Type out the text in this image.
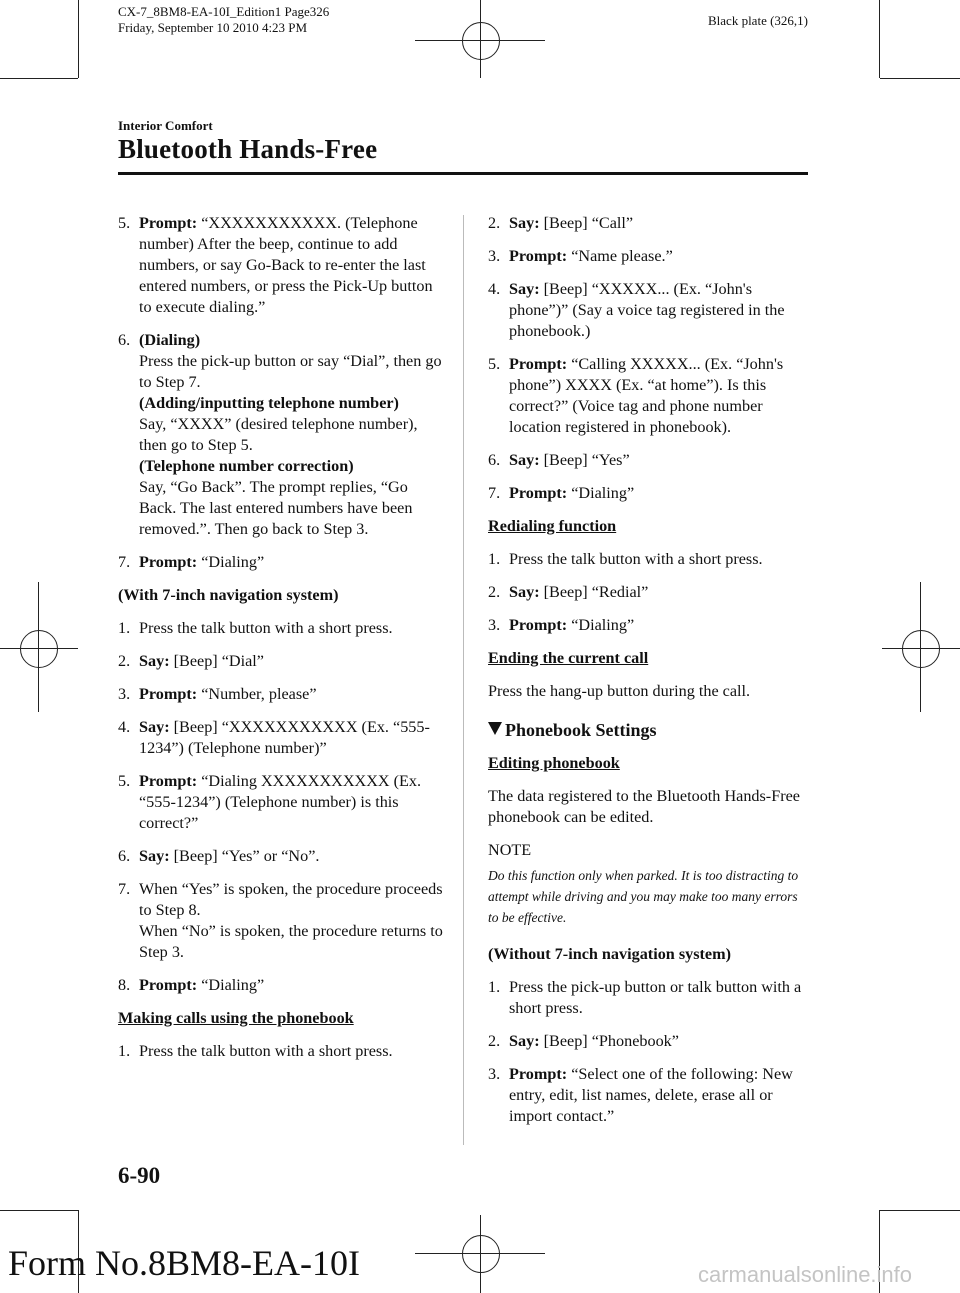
CX-7_8BM8-EA-10I_Edition1 Page326
Friday, September 10 2010 4:23 PM	Black plate (326,1)
Interior Comfort
Bluetooth Hands-Free
5. Prompt: “XXXXXXXXXXX. (Telephone number) After the beep, continue to add numbers, or say Go-Back to re-enter the last entered numbers, or press the Pick-Up button to execute dialing.”
6. (Dialing)
Press the pick-up button or say “Dial”, then go to Step 7.
(Adding/inputting telephone number)
Say, “XXXX” (desired telephone number), then go to Step 5.
(Telephone number correction)
Say, “Go Back”. The prompt replies, “Go Back. The last entered numbers have been removed.”. Then go back to Step 3.
7. Prompt: “Dialing”

(With 7-inch navigation system)

1. Press the talk button with a short press.
2. Say: [Beep] “Dial”
3. Prompt: “Number, please”
4. Say: [Beep] “XXXXXXXXXXX (Ex. “555-1234”) (Telephone number)”
5. Prompt: “Dialing XXXXXXXXXXX (Ex. “555-1234”) (Telephone number) is this correct?”
6. Say: [Beep] “Yes” or “No”.
7. When “Yes” is spoken, the procedure proceeds to Step 8.
When “No” is spoken, the procedure returns to Step 3.
8. Prompt: “Dialing”

Making calls using the phonebook

1. Press the talk button with a short press.
2. Say: [Beep] “Call”
3. Prompt: “Name please.”
4. Say: [Beep] “XXXXX... (Ex. “John's phone”)” (Say a voice tag registered in the phonebook.)
5. Prompt: “Calling XXXXX... (Ex. “John's phone”) XXXX (Ex. “at home”). Is this correct?” (Voice tag and phone number location registered in phonebook).
6. Say: [Beep] “Yes”
7. Prompt: “Dialing”

Redialing function

1. Press the talk button with a short press.
2. Say: [Beep] “Redial”
3. Prompt: “Dialing”

Ending the current call

Press the hang-up button during the call.

Phonebook Settings

Editing phonebook

The data registered to the Bluetooth Hands-Free phonebook can be edited.

NOTE
Do this function only when parked. It is too distracting to attempt while driving and you may make too many errors to be effective.

(Without 7-inch navigation system)

1. Press the pick-up button or talk button with a short press.
2. Say: [Beep] “Phonebook”
3. Prompt: “Select one of the following: New entry, edit, list names, delete, erase all or import contact.”
6-90
Form No.8BM8-EA-10I	carmanualsonline.info
